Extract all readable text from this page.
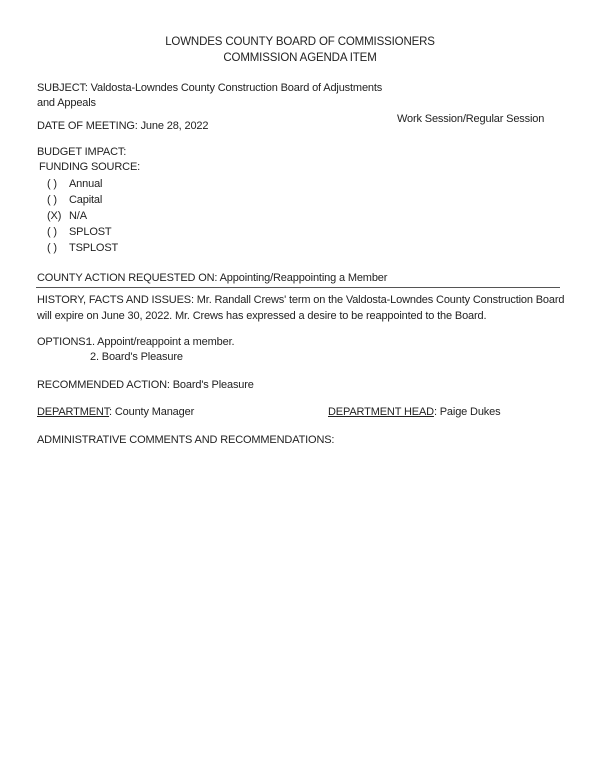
LOWNDES COUNTY BOARD OF COMMISSIONERS
COMMISSION AGENDA ITEM
SUBJECT: Valdosta-Lowndes County Construction Board of Adjustments
and Appeals
DATE OF MEETING: June 28, 2022
Work Session/Regular Session
BUDGET IMPACT:
FUNDING SOURCE:
( ) Annual
( ) Capital
(X) N/A
( ) SPLOST
( ) TSPLOST
COUNTY ACTION REQUESTED ON: Appointing/Reappointing a Member
HISTORY, FACTS AND ISSUES: Mr. Randall Crews' term on the Valdosta-Lowndes County Construction Board
will expire on June 30, 2022. Mr. Crews has expressed a desire to be reappointed to the Board.
OPTIONS:
1. Appoint/reappoint a member.
2. Board's Pleasure
RECOMMENDED ACTION: Board's Pleasure
DEPARTMENT: County Manager	DEPARTMENT HEAD: Paige Dukes
ADMINISTRATIVE COMMENTS AND RECOMMENDATIONS:
